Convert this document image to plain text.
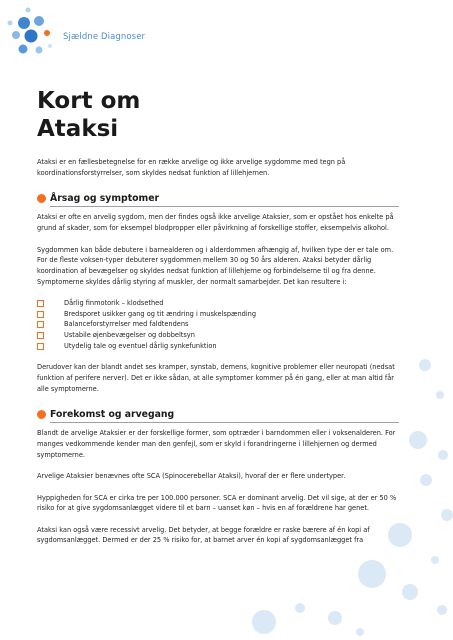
Sjældne Diagnoser
Kort om
Ataksi

Ataksi er en fællesbetegnelse for en række arvelige og ikke arvelige sygdomme med tegn på koordinationsforstyrrelser, som skyldes nedsat funktion af lillehjernen.

Årsag og symptomer

Ataksi er ofte en arvelig sygdom, men der findes også ikke arvelige Ataksier, som er opstået hos enkelte på grund af skader, som for eksempel blodpropper eller påvirkning af forskellige stoffer, eksempelvis alkohol.

Sygdommen kan både debutere i barnealderen og i alderdommen afhængig af, hvilken type der er tale om. For de fleste voksen-typer debuterer sygdommen mellem 30 og 50 års alderen. Ataksi betyder dårlig koordination af bevægelser og skyldes nedsat funktion af lillehjerne og forbindelserne til og fra denne. Symptomerne skyldes dårlig styring af muskler, der normalt samarbejder. Det kan resultere i:

Dårlig finmotorik – klodsethed
Bredsporet usikker gang og tit ændring i muskelspænding
Balanceforstyrrelser med faldtendens
Ustabile øjenbevægelser og dobbeltsyn
Utydelig tale og eventuel dårlig synkefunktion

Derudover kan der blandt andet ses kramper, synstab, demens, kognitive problemer eller neuropati (nedsat funktion af perifere nerver). Det er ikke sådan, at alle symptomer kommer på én gang, eller at man altid får alle symptomerne.

Forekomst og arvegang

Blandt de arvelige Ataksier er der forskellige former, som optræder i barndommen eller i voksenalderen. For manges vedkommende kender man den genfejl, som er skyld i forandringerne i lillehjernen og dermed symptomerne.

Arvelige Ataksier benævnes ofte SCA (Spinocerebellar Ataksi), hvoraf der er flere undertyper.

Hyppigheden for SCA er cirka tre per 100.000 personer. SCA er dominant arvelig. Det vil sige, at der er 50 % risiko for at give sygdomsanlægget videre til et barn – uanset køn – hvis en af forældrene har genet.

Ataksi kan også være recessivt arvelig. Det betyder, at begge forældre er raske bærere af én kopi af sygdomsanlægget. Dermed er der 25 % risiko for, at barnet arver én kopi af sygdomsanlægget fra
